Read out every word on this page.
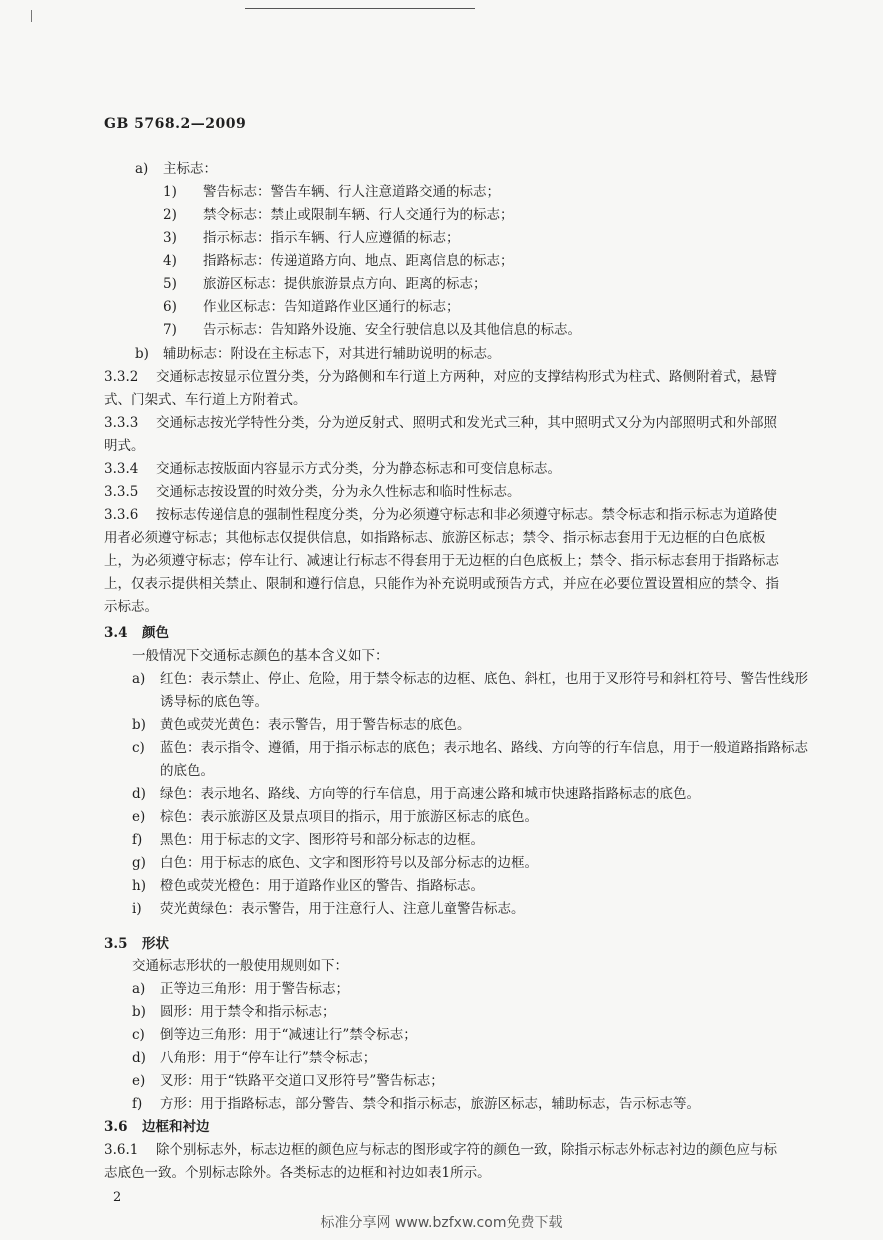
GB 5768.2—2009
a) 主标志：
1) 警告标志：警告车辆、行人注意道路交通的标志；
2) 禁令标志：禁止或限制车辆、行人交通行为的标志；
3) 指示标志：指示车辆、行人应遵循的标志；
4) 指路标志：传递道路方向、地点、距离信息的标志；
5) 旅游区标志：提供旅游景点方向、距离的标志；
6) 作业区标志：告知道路作业区通行的标志；
7) 告示标志：告知路外设施、安全行驶信息以及其他信息的标志。
b) 辅助标志：附设在主标志下，对其进行辅助说明的标志。
3.3.2 交通标志按显示位置分类，分为路侧和车行道上方两种，对应的支撑结构形式为柱式、路侧附着式，悬臂式、门架式、车行道上方附着式。
3.3.3 交通标志按光学特性分类，分为逆反射式、照明式和发光式三种，其中照明式又分为内部照明式和外部照明式。
3.3.4 交通标志按版面内容显示方式分类，分为静态标志和可变信息标志。
3.3.5 交通标志按设置的时效分类，分为永久性标志和临时性标志。
3.3.6 按标志传递信息的强制性程度分类，分为必须遵守标志和非必须遵守标志。禁令标志和指示标志为道路使用者必须遵守标志；其他标志仅提供信息，如指路标志、旅游区标志；禁令、指示标志套用于无边框的白色底板上，为必须遵守标志；停车让行、减速让行标志不得套用于无边框的白色底板上；禁令、指示标志套用于指路标志上，仅表示提供相关禁止、限制和遵行信息，只能作为补充说明或预告方式，并应在必要位置设置相应的禁令、指示标志。
3.4 颜色
一般情况下交通标志颜色的基本含义如下：
a) 红色：表示禁止、停止、危险，用于禁令标志的边框、底色、斜杠，也用于叉形符号和斜杠符号、警告性线形诱导标的底色等。
b) 黄色或荧光黄色：表示警告，用于警告标志的底色。
c) 蓝色：表示指令、遵循，用于指示标志的底色；表示地名、路线、方向等的行车信息，用于一般道路指路标志的底色。
d) 绿色：表示地名、路线、方向等的行车信息，用于高速公路和城市快速路指路标志的底色。
e) 棕色：表示旅游区及景点项目的指示，用于旅游区标志的底色。
f) 黑色：用于标志的文字、图形符号和部分标志的边框。
g) 白色：用于标志的底色、文字和图形符号以及部分标志的边框。
h) 橙色或荧光橙色：用于道路作业区的警告、指路标志。
i) 荧光黄绿色：表示警告，用于注意行人、注意儿童警告标志。
3.5 形状
交通标志形状的一般使用规则如下：
a) 正等边三角形：用于警告标志；
b) 圆形：用于禁令和指示标志；
c) 倒等边三角形：用于“减速让行”禁令标志；
d) 八角形：用于“停车让行”禁令标志；
e) 叉形：用于“铁路平交道口叉形符号”警告标志；
f) 方形：用于指路标志，部分警告、禁令和指示标志，旅游区标志，辅助标志，告示标志等。
3.6 边框和衬边
3.6.1 除个别标志外，标志边框的颜色应与标志的图形或字符的颜色一致，除指示标志外标志衬边的颜色应与标志底色一致。个别标志除外。各类标志的边框和衬边如表1所示。
2
标准分享网 www.bzfxw.com免费下载
